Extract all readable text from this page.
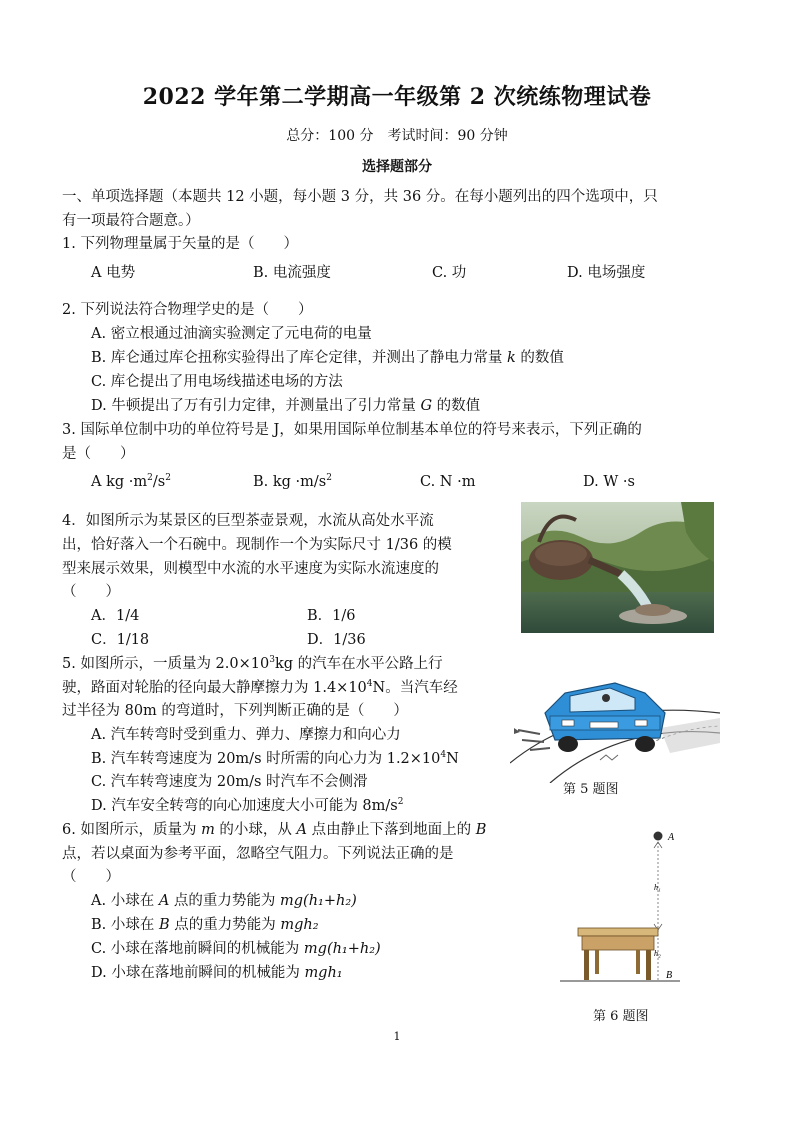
2022 学年第二学期高一年级第 2 次统练物理试卷
总分：100 分　考试时间：90 分钟
选择题部分
一、单项选择题（本题共 12 小题，每小题 3 分，共 36 分。在每小题列出的四个选项中，只
有一项最符合题意。）
1. 下列物理量属于矢量的是（　　）
A 电势	B. 电流强度	C. 功	D. 电场强度
2. 下列说法符合物理学史的是（　　）
A. 密立根通过油滴实验测定了元电荷的电量
B. 库仑通过库仑扭称实验得出了库仑定律，并测出了静电力常量 k 的数值
C. 库仑提出了用电场线描述电场的方法
D. 牛顿提出了万有引力定律，并测量出了引力常量 G 的数值
3. 国际单位制中功的单位符号是 J，如果用国际单位制基本单位的符号来表示，下列正确的
是（　　）
A kg $\cdot m^2/s^2$	B. kg $\cdot m/s^2$	C. N ·m	D. W ·s
4．如图所示为某景区的巨型茶壶景观，水流从高处水平流
出，恰好落入一个石碗中。现制作一个为实际尺寸 1/36 的模
型来展示效果，则模型中水流的水平速度为实际水流速度的
（　　）
A．1/4	B．1/6
C．1/18	D．1/36
5. 如图所示，一质量为 $2.0\times 10^3kg$ 的汽车在水平公路上行
驶，路面对轮胎的径向最大静摩擦力为 $1.4\times 10^4N$。当汽车经
过半径为 80m 的弯道时，下列判断正确的是（　　）
A. 汽车转弯时受到重力、弹力、摩擦力和向心力
B. 汽车转弯速度为 20m/s 时所需的向心力为 $1.2\times 10^4N$
C. 汽车转弯速度为 20m/s 时汽车不会侧滑
D. 汽车安全转弯的向心加速度大小可能为 $8m/s^2$
第 5 题图
6. 如图所示，质量为 m 的小球，从 A 点由静止下落到地面上的 B
点，若以桌面为参考平面，忽略空气阻力。下列说法正确的是
（　　）
A. 小球在 A 点的重力势能为 mg(h₁+h₂)
B. 小球在 B 点的重力势能为 mgh₂
C. 小球在落地前瞬间的机械能为 mg(h₁+h₂)
D. 小球在落地前瞬间的机械能为 mgh₁
A
h₁
h₂
B
第 6 题图
1
